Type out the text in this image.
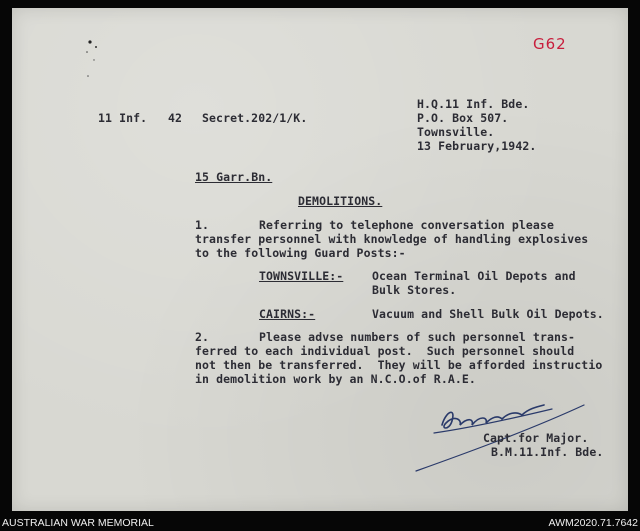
G62
11 Inf. 42 Secret.202/1/K.
H.Q.11 Inf. Bde.
P.O. Box 507.
Townsville.
13 February,1942.
15 Garr.Bn.
DEMOLITIONS.
1.	Referring to telephone conversation please
transfer personnel with knowledge of handling explosives
to the following Guard Posts:-
TOWNSVILLE:- Ocean Terminal Oil Depots and
Bulk Stores.
CAIRNS:-	Vacuum and Shell Bulk Oil Depots.
2.	Please advse numbers of such personnel trans-
ferred to each individual post.  Such personnel should
not then be transferred.  They will be afforded instructio
in demolition work by an N.C.O.of R.A.E.
Capt.for Major.
B.M.11.Inf. Bde.
AUSTRALIAN WAR MEMORIAL	AWM2020.71.7642
